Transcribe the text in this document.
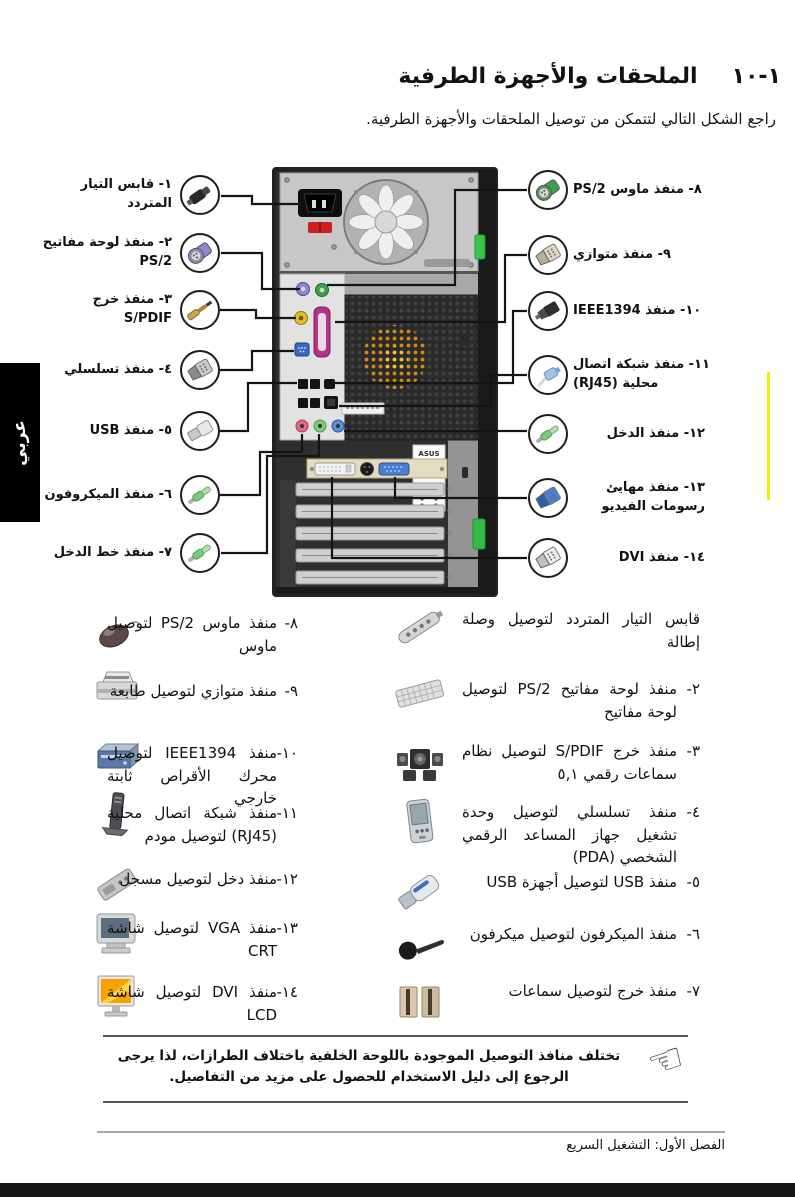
١-١٠الملحقات والأجهزة الطرفية
راجع الشكل التالي لتتمكن من توصيل الملحقات والأجهزة الطرفية.
عربي	ASUS
١- قابس التيار
المتردد
٢- منفذ لوحة مفاتيح
PS/2
٣- منفذ خرج
S/PDIF
٤- منفذ تسلسلي
٥- منفذ USB
٦- منفذ الميكروفون
٧- منفذ خط الدخل
٨- منفذ ماوس PS/2
٩- منفذ متوازي
١٠- منفذ IEEE1394
١١- منفذ شبكة اتصال
محلية (RJ45)
١٢- منفذ الدخل
١٣- منفذ مهايئ
رسومات الفيديو
١٤- منفذ DVI
٨-
منفذ ماوس PS/2 لتوصيل ماوس
٩-
منفذ متوازي لتوصيل طابعة
١٠-
منفذ IEEE1394 لتوصيل محرك الأقراص ثابتة خارجي
١١-
منفذ شبكة اتصال محلية (RJ45) لتوصيل مودم
١٢-
منفذ دخل لتوصيل مسجل
١٣-
منفذ VGA لتوصيل شاشة CRT
١٤-
منفذ DVI لتوصيل شاشة LCD
قابس التيار المتردد لتوصيل وصلة إطالة
٢-
منفذ لوحة مفاتيح PS/2 لتوصيل لوحة مفاتيح
٣-
منفذ خرج S/PDIF لتوصيل نظام سماعات رقمي ٥,١
٤-
منفذ تسلسلي لتوصيل وحدة تشغيل جهاز المساعد الرقمي الشخصي (PDA)
٥-
منفذ USB لتوصيل أجهزة USB
٦-
منفذ الميكرفون لتوصيل ميكرفون
٧-
منفذ خرج لتوصيل سماعات
تختلف منافذ التوصيل الموجودة باللوحة الخلفية باختلاف الطرازات، لذا يرجى الرجوع إلى دليل الاستخدام للحصول على مزيد من التفاصيل.	☜
الفصل الأول: التشغيل السريع
